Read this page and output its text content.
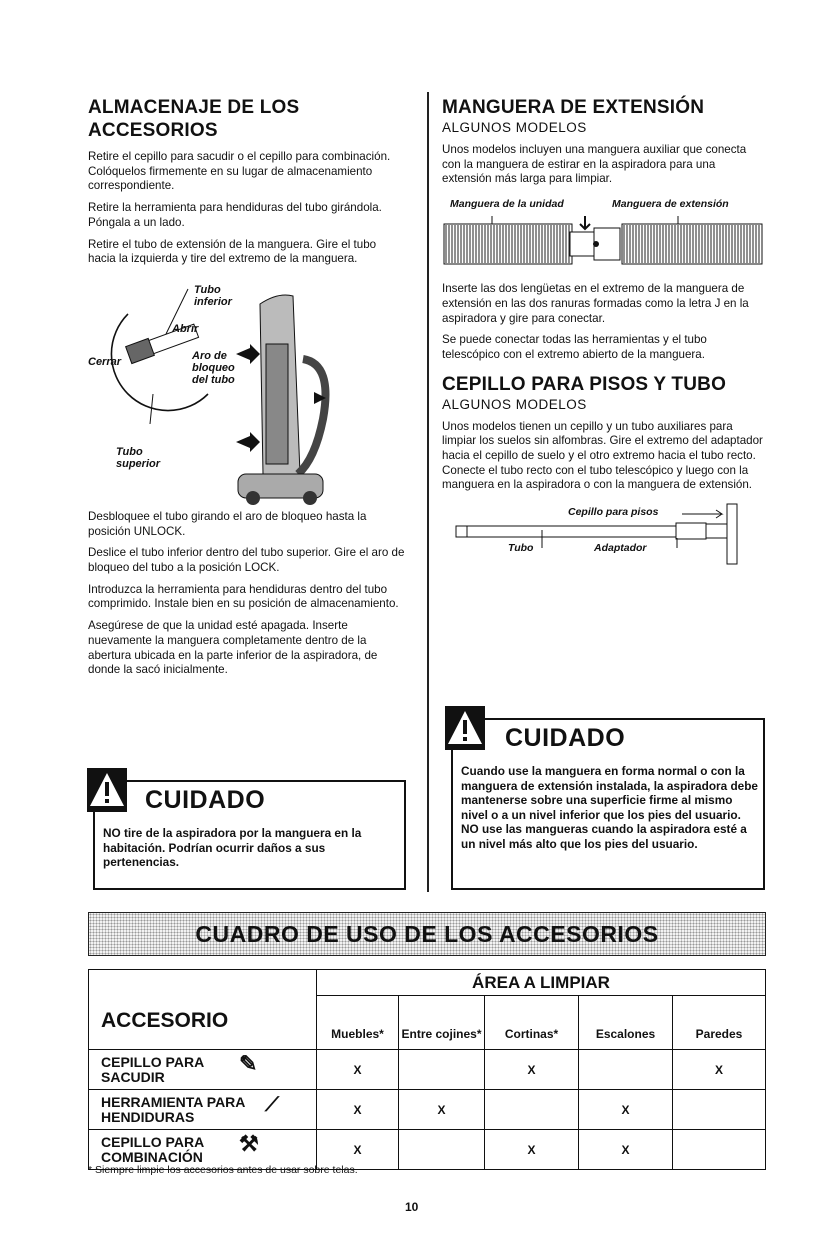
ALMACENAJE DE LOS
ACCESORIOS

Retire el cepillo para sacudir o el cepillo para combinación. Colóquelos firmemente en su lugar de almacenamiento correspondiente.

Retire la herramienta para hendiduras del tubo girándola. Póngala a un lado.

Retire el tubo de extensión de la manguera. Gire el tubo hacia la izquierda y tire del extremo de la manguera.

Tubo
inferior
Abrir
Cerrar	Aro de
bloqueo
del tubo
Tubo
superior

Desbloquee el tubo girando el aro de bloqueo hasta la posición UNLOCK.

Deslice el tubo inferior dentro del tubo superior. Gire el aro de bloqueo del tubo a la posición LOCK.

Introduzca la herramienta para hendiduras dentro del tubo comprimido. Instale bien en su posición de almacenamiento.

Asegúrese de que la unidad esté apagada. Inserte nuevamente la manguera completamente dentro de la abertura ubicada en la parte inferior de la aspiradora, de donde la sacó inicialmente.

CUIDADO
NO tire de la aspiradora por la manguera en la habitación. Podrían ocurrir daños a sus pertenencias.
MANGUERA DE EXTENSIÓN
ALGUNOS MODELOS

Unos modelos incluyen una manguera auxiliar que conecta con la manguera de estirar en la aspiradora para una extensión más larga para limpiar.

Manguera de la unidad	Manguera de extensión

Inserte las dos lengüetas en el extremo de la manguera de extensión en las dos ranuras formadas como la letra J en la aspiradora y gire para conectar.

Se puede conectar todas las herramientas y el tubo telescópico con el extremo abierto de la manguera.

CEPILLO PARA PISOS Y TUBO
ALGUNOS MODELOS

Unos modelos tienen un cepillo y un tubo auxiliares para limpiar los suelos sin alfombras. Gire el extremo del adaptador hacia el cepillo de suelo y el otro extremo hacia el tubo recto. Conecte el tubo recto con el tubo telescópico y luego con la manguera en la aspiradora o con la manguera de extensión.

Cepillo para pisos
Tubo	Adaptador
CUIDADO
Cuando use la manguera en forma normal o con la manguera de extensión instalada, la aspiradora debe mantenerse sobre una superficie firme al mismo nivel o a un nivel inferior que los pies del usuario. NO use las mangueras cuando la aspiradora esté a un nivel más alto que los pies del usuario.
CUADRO DE USO DE LOS ACCESORIOS
ACCESORIO	ÁREA A LIMPIAR				
	Muebles*	Entre cojines*	Cortinas*	Escalones	Paredes
CEPILLO PARA
SACUDIR
✎	X		X		X
HERRAMIENTA PARA
HENDIDURAS
⟋	X	X		X	
CEPILLO PARA
COMBINACIÓN
⚒	X		X	X	
* Siempre limpie los accesorios antes de usar sobre telas.
10
